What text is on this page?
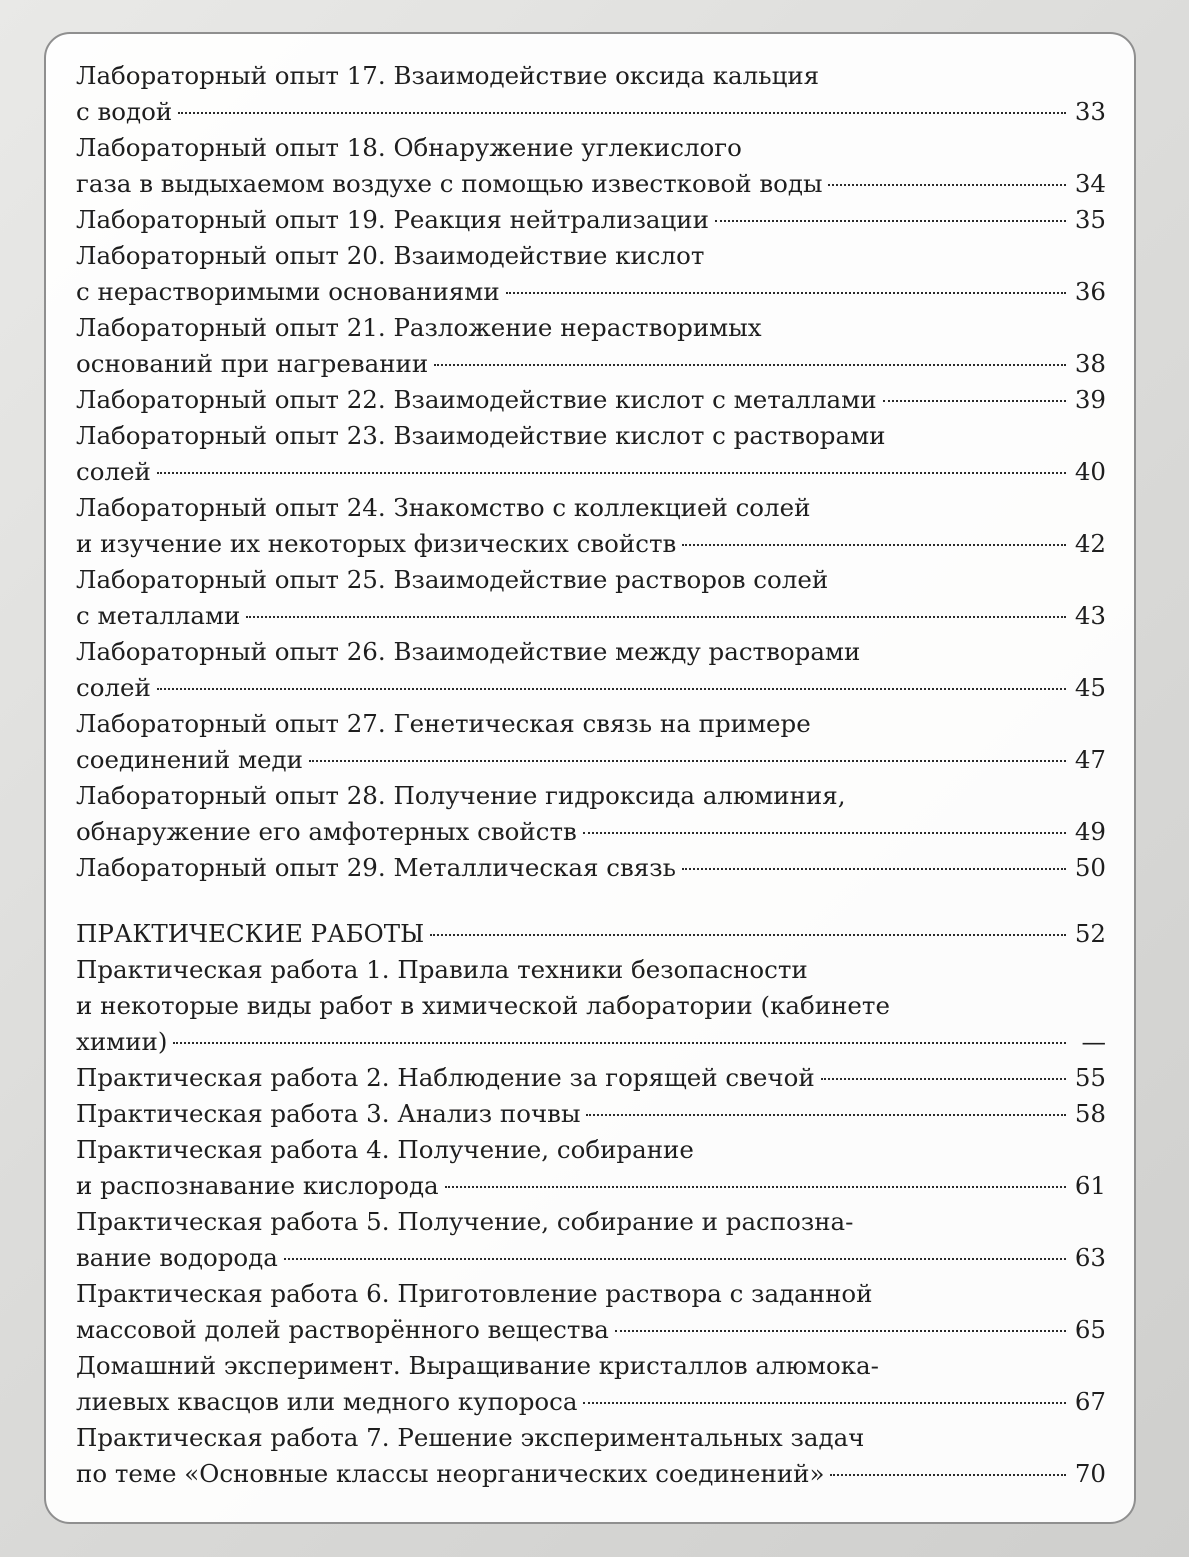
Лабораторный опыт 17. Взаимодействие оксида кальция
с водой	33
Лабораторный опыт 18. Обнаружение углекислого
газа в выдыхаемом воздухе с помощью известковой воды	34
Лабораторный опыт 19. Реакция нейтрализации	35
Лабораторный опыт 20. Взаимодействие кислот
с нерастворимыми основаниями	36
Лабораторный опыт 21. Разложение нерастворимых
оснований при нагревании	38
Лабораторный опыт 22. Взаимодействие кислот с металлами	39
Лабораторный опыт 23. Взаимодействие кислот с растворами
солей	40
Лабораторный опыт 24. Знакомство с коллекцией солей
и изучение их некоторых физических свойств	42
Лабораторный опыт 25. Взаимодействие растворов солей
с металлами	43
Лабораторный опыт 26. Взаимодействие между растворами
солей	45
Лабораторный опыт 27. Генетическая связь на примере
соединений меди	47
Лабораторный опыт 28. Получение гидроксида алюминия,
обнаружение его амфотерных свойств	49
Лабораторный опыт 29. Металлическая связь	50
ПРАКТИЧЕСКИЕ РАБОТЫ	52
Практическая работа 1. Правила техники безопасности
и некоторые виды работ в химической лаборатории (кабинете
химии)	—
Практическая работа 2. Наблюдение за горящей свечой	55
Практическая работа 3. Анализ почвы	58
Практическая работа 4. Получение, собирание
и распознавание кислорода	61
Практическая работа 5. Получение, собирание и распозна-
вание водорода	63
Практическая работа 6. Приготовление раствора с заданной
массовой долей растворённого вещества	65
Домашний эксперимент. Выращивание кристаллов алюмока-
лиевых квасцов или медного купороса	67
Практическая работа 7. Решение экспериментальных задач
по теме «Основные классы неорганических соединений»	70
